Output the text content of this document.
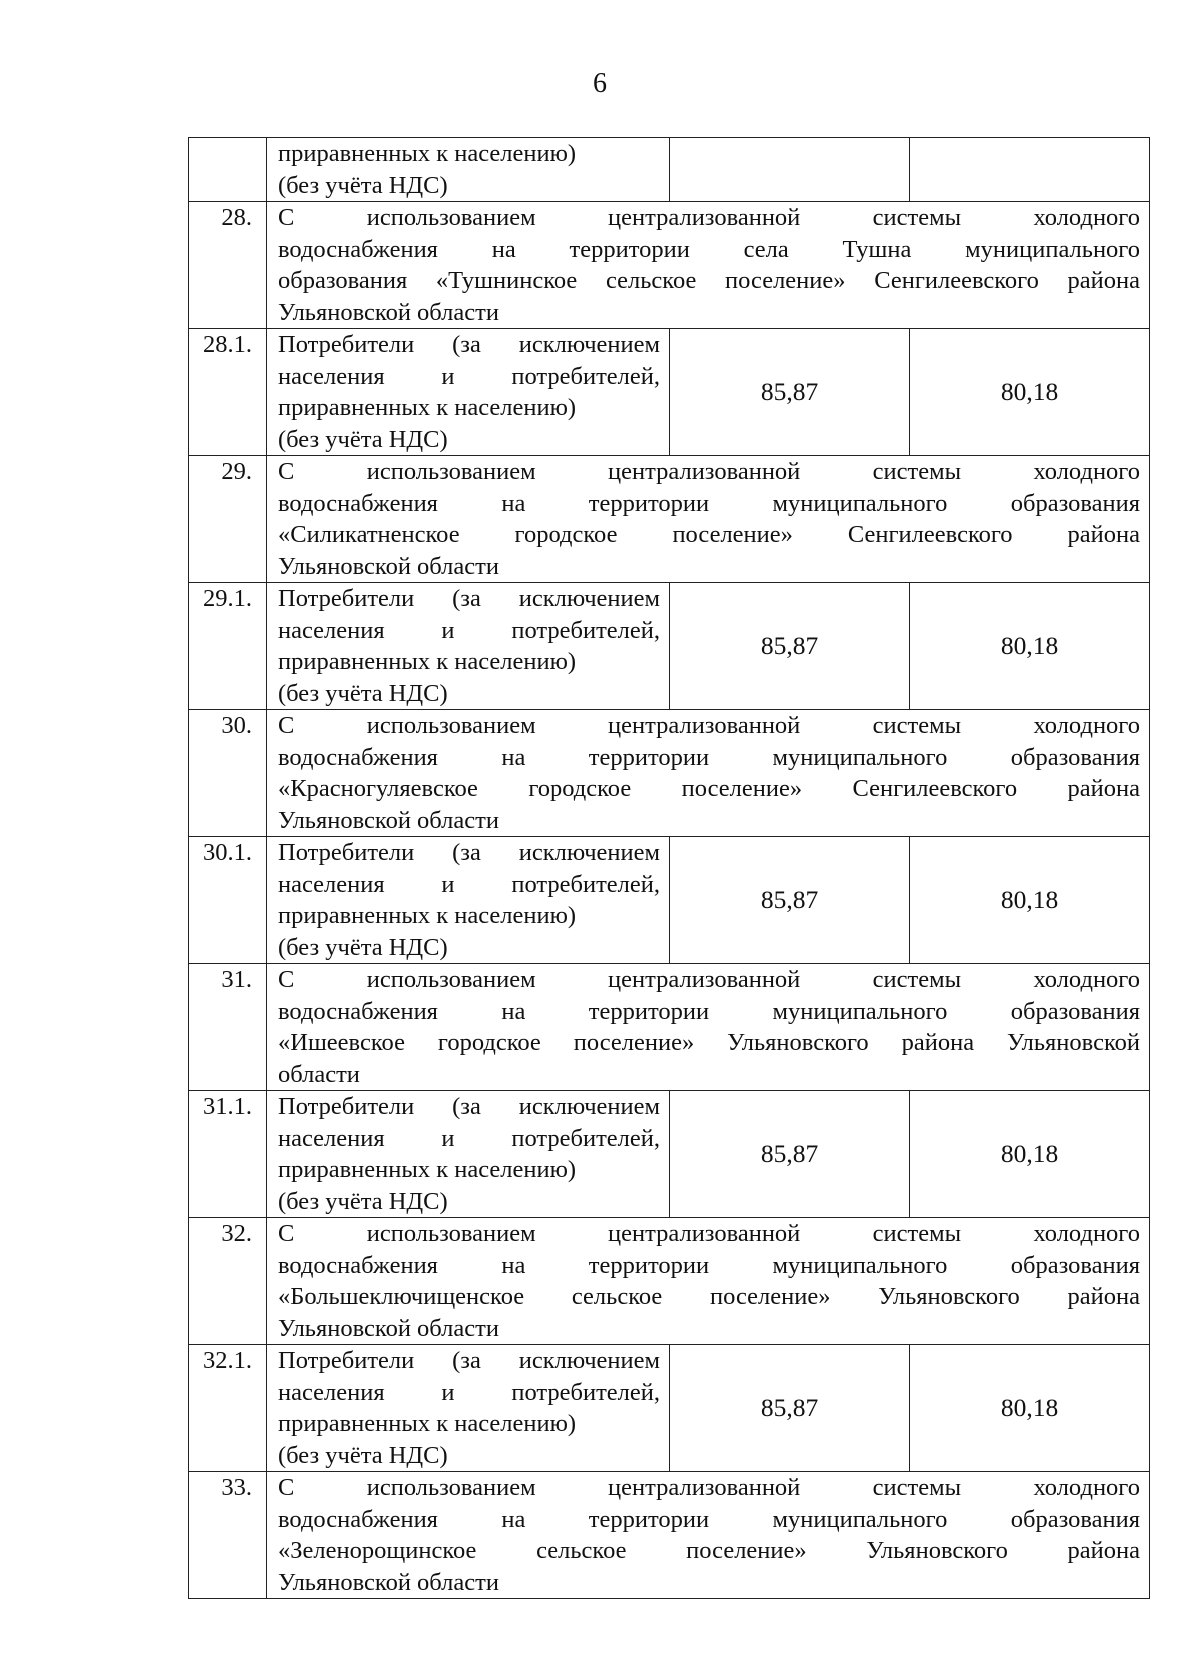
6

	приравненных к населению)
(без учёта НДС)		

28.	С использованием централизованной системы холодного
водоснабжения на территории села Тушна муниципального
образования «Тушнинское сельское поселение» Сенгилеевского района
Ульяновской области		

28.1.	Потребители (за исключением
населения и потребителей,
приравненных к населению)
(без учёта НДС)	85,87	80,18
29.	С использованием централизованной системы холодного
водоснабжения на территории муниципального образования
«Силикатненское городское поселение» Сенгилеевского района
Ульяновской области		

29.1.	Потребители (за исключением
населения и потребителей,
приравненных к населению)
(без учёта НДС)	85,87	80,18
30.	С использованием централизованной системы холодного
водоснабжения на территории муниципального образования
«Красногуляевское городское поселение» Сенгилеевского района
Ульяновской области		

30.1.	Потребители (за исключением
населения и потребителей,
приравненных к населению)
(без учёта НДС)	85,87	80,18
31.	С использованием централизованной системы холодного
водоснабжения на территории муниципального образования
«Ишеевское городское поселение» Ульяновского района Ульяновской
области		

31.1.	Потребители (за исключением
населения и потребителей,
приравненных к населению)
(без учёта НДС)	85,87	80,18
32.	С использованием централизованной системы холодного
водоснабжения на территории муниципального образования
«Большеключищенское сельское поселение» Ульяновского района
Ульяновской области		

32.1.	Потребители (за исключением
населения и потребителей,
приравненных к населению)
(без учёта НДС)	85,87	80,18
33.	С использованием централизованной системы холодного
водоснабжения на территории муниципального образования
«Зеленорощинское сельское поселение» Ульяновского района
Ульяновской области		
